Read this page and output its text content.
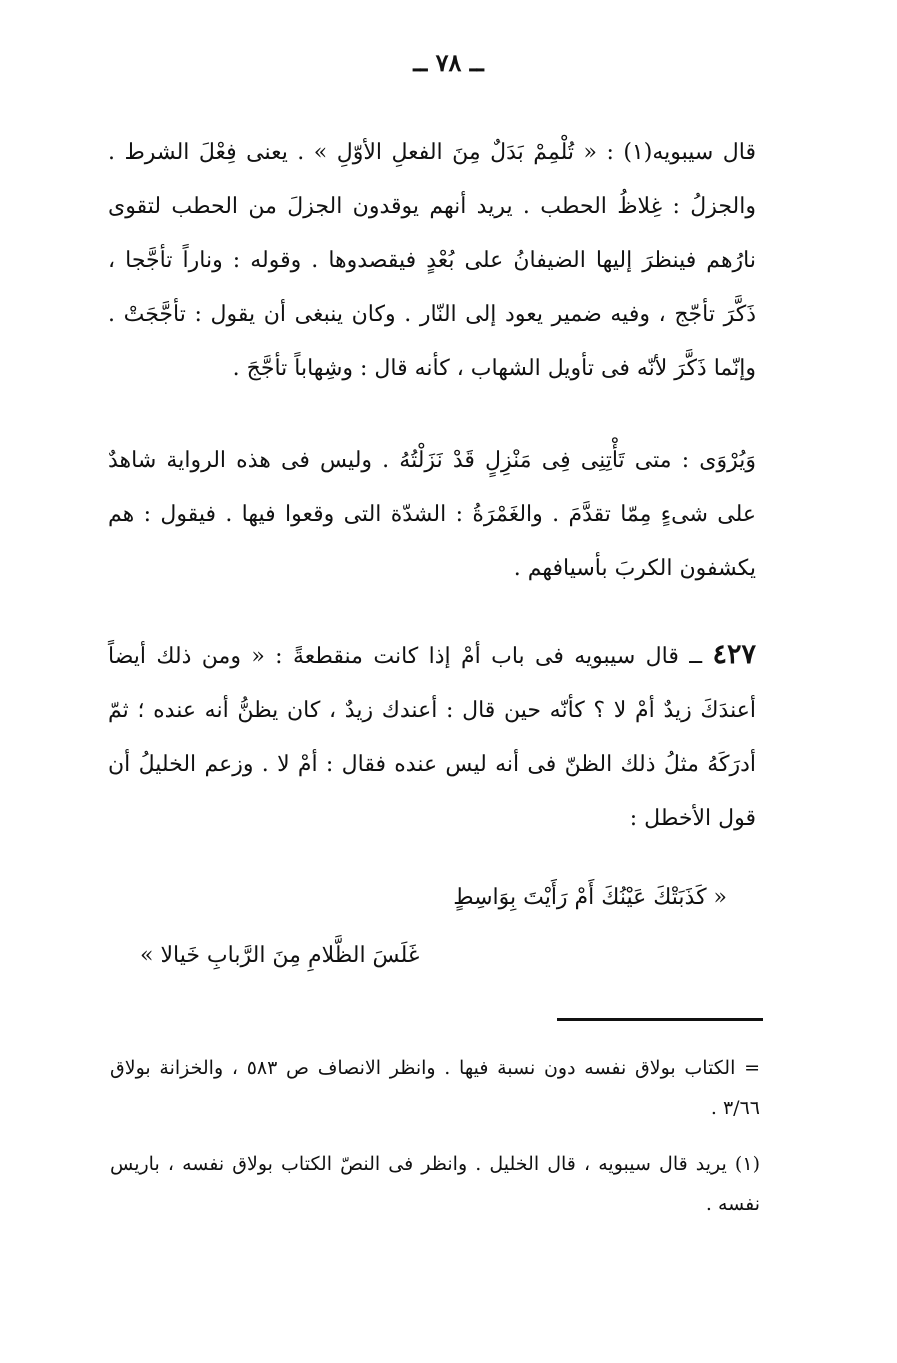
ــ ٧٨ ــ
قال سيبويه(١) : « تُلْمِمْ بَدَلٌ مِنَ الفعلِ الأوّلِ » . يعنى فِعْلَ الشرط . والجزلُ : غِلاظُ الحطب . يريد أنهم يوقدون الجزلَ من الحطب لتقوى نارُهم فينظرَ إليها الضيفانُ على بُعْدٍ فيقصدوها . وقوله : وناراً تأجَّجا ، ذَكَّرَ تأجّج ، وفيه ضمير يعود إلى النّار . وكان ينبغى أن يقول : تأجَّجَتْ . وإنّما ذَكَّرَ لأنّه فى تأويل الشهاب ، كأنه قال : وشِهاباً تأجَّجَ .
وَيُرْوَى : متى تَأْتِنِى فِى مَنْزِلٍ قَدْ نَزَلْتُهُ . وليس فى هذه الرواية شاهدٌ على شىءٍ مِمّا تقدَّمَ . والغَمْرَةُ : الشدّة التى وقعوا فيها . فيقول : هم يكشفون الكربَ بأسيافهم .
٤٢٧ ــ قال سيبويه فى باب أمْ إذا كانت منقطعةً : « ومن ذلك أيضاً أعندَكَ زيدٌ أمْ لا ؟ كأنّه حين قال : أعندك زيدٌ ، كان يظنُّ أنه عنده ؛ ثمّ أدرَكَهُ مثلُ ذلك الظنّ فى أنه ليس عنده فقال : أمْ لا . وزعم الخليلُ أن قول الأخطل :
« كَذَبَتْكَ عَيْنُكَ أَمْ رَأَيْتَ بِوَاسِطٍ
غَلَسَ الظَّلامِ مِنَ الرَّبابِ خَيالا »
= الكتاب بولاق نفسه دون نسبة فيها . وانظر الانصاف ص ٥٨٣ ، والخزانة بولاق ٣/٦٦ .
(١) يريد قال سيبويه ، قال الخليل . وانظر فى النصّ الكتاب بولاق نفسه ، باريس نفسه .
